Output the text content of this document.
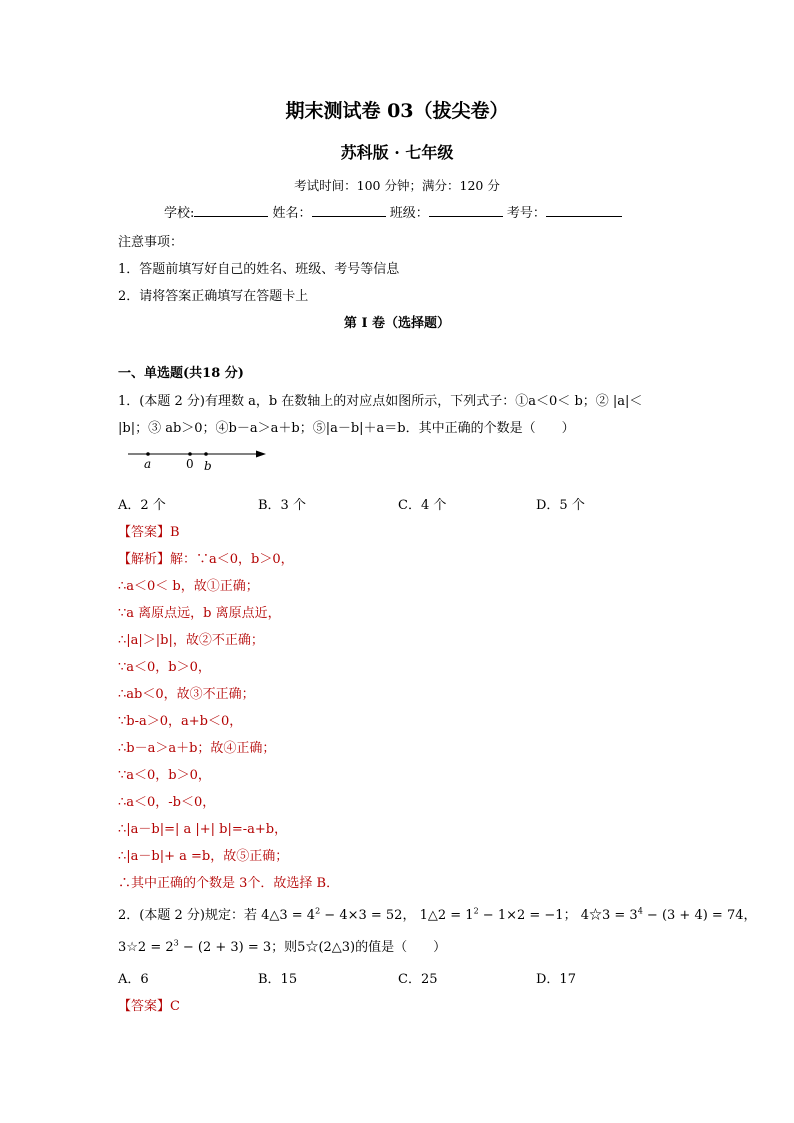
期末测试卷 03（拔尖卷）
苏科版 · 七年级
考试时间：100 分钟；满分：120 分
学校:	姓名：	班级：	考号：
注意事项：
1．答题前填写好自己的姓名、班级、考号等信息
2．请将答案正确填写在答题卡上
第 I 卷（选择题）
一、单选题(共18 分)
1．(本题 2 分)有理数 a，b 在数轴上的对应点如图所示，下列式子：①a＜0＜ b；② |a|＜
|b|；③ ab＞0；④b－a＞a＋b；⑤|a－b|＋a＝b．其中正确的个数是（　　）
a	0 b
A．2 个	B．3 个	C．4 个	D．5 个
【答案】B
【解析】解：∵a＜0，b＞0，
∴a＜0＜ b，故①正确；
∵a 离原点远，b 离原点近，
∴|a|＞|b|，故②不正确；
∵a＜0，b＞0，
∴ab＜0，故③不正确；
∵b-a＞0，a+b＜0，
∴b－a＞a＋b；故④正确；
∵a＜0，b＞0，
∴a＜0，-b＜0，
∴|a－b|=| a |+| b|=-a+b，
∴|a－b|+ a =b，故⑤正确；
∴其中正确的个数是 3个．故选择 B．
2．(本题 2 分)规定：若 4△3 = $4^2 - 4\times 3 = 52$， 1△2 = $1^2 - 1\times 2 = -1$； 4☆3 = $3^4 - (3 + 4) = 74$，
3☆2 = $2^3 - (2 + 3) = 3$；则5☆(2△3)的值是（　　）
A．6	B．15	C．25	D．17
【答案】C
